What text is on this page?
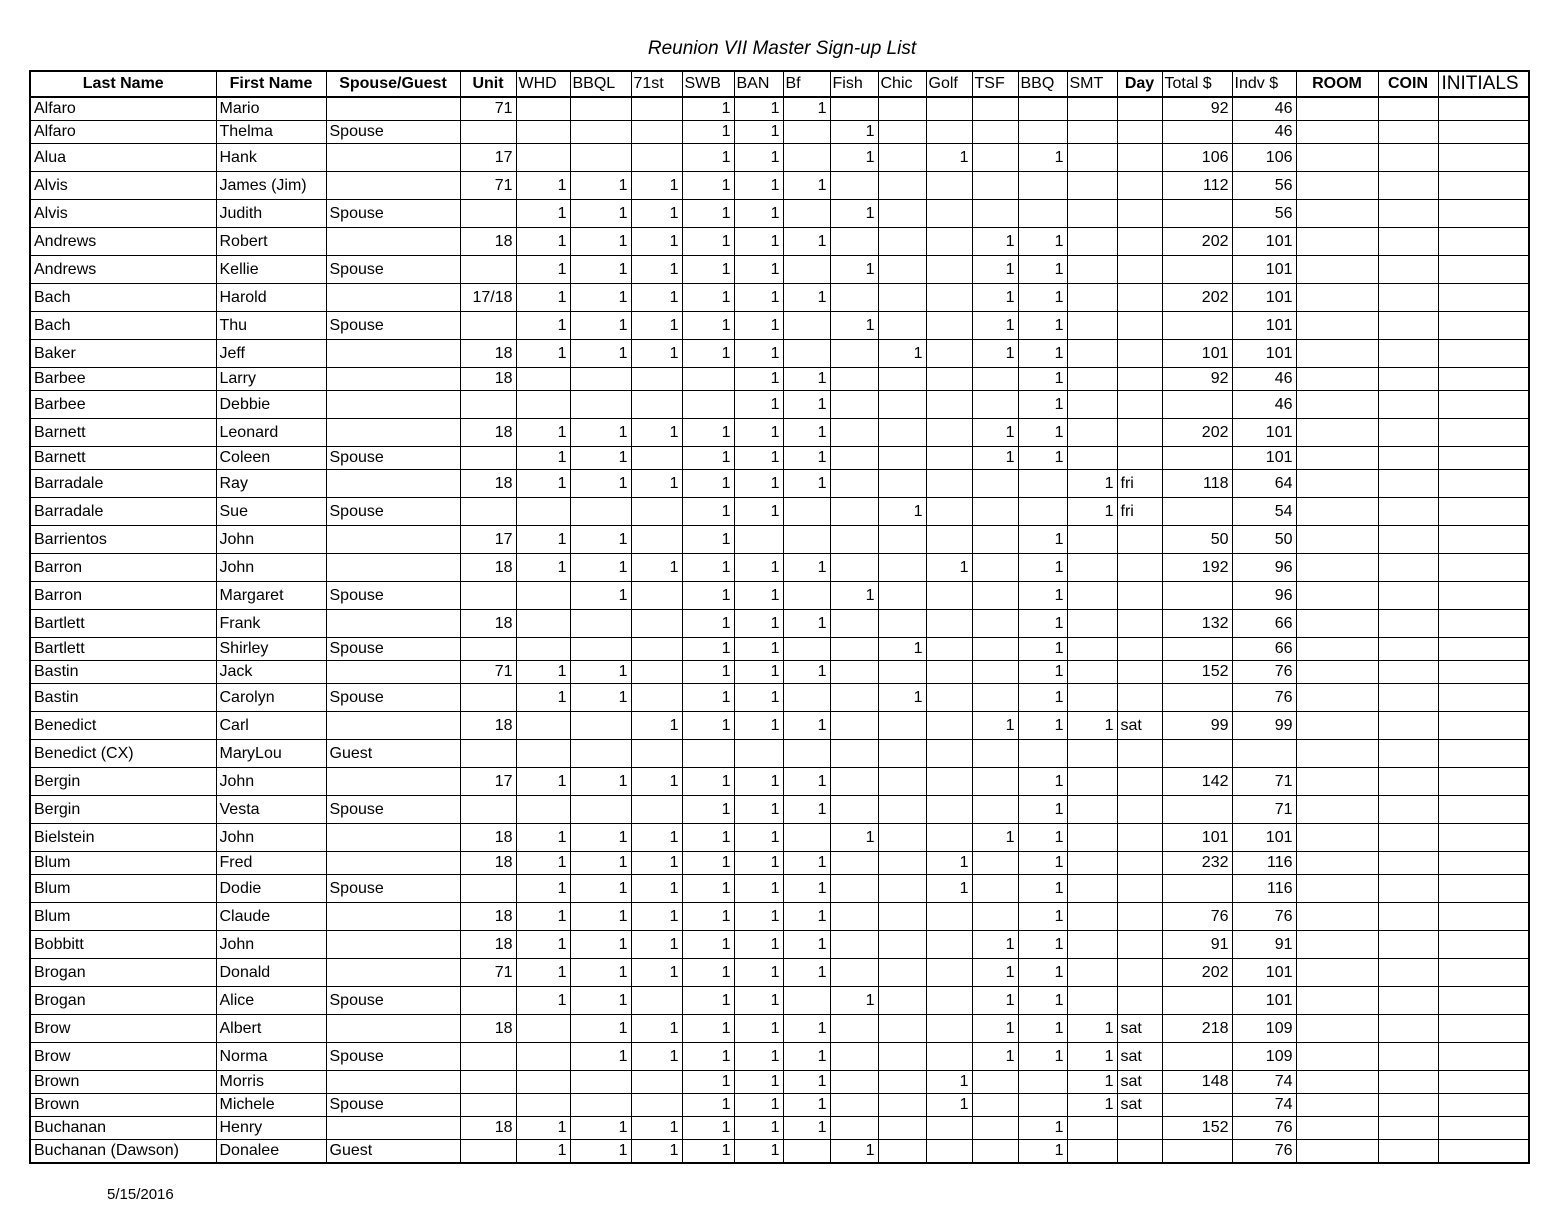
Reunion VII Master Sign-up List
Last Name	First Name	Spouse/Guest	Unit	WHD	BBQL	71st	SWB	BAN	Bf	Fish	Chic	Golf	TSF	BBQ	SMT	Day	Total $	Indv $	ROOM	COIN	INITIALS
Alfaro	Mario		71				1	1	1								92	46			
Alfaro	Thelma	Spouse					1	1		1								46			
Alua	Hank		17				1	1		1		1		1			106	106			
Alvis	James (Jim)		71	1	1	1	1	1	1								112	56			
Alvis	Judith	Spouse		1	1	1	1	1		1								56			
Andrews	Robert		18	1	1	1	1	1	1				1	1			202	101			
Andrews	Kellie	Spouse		1	1	1	1	1		1			1	1				101			
Bach	Harold		17/18	1	1	1	1	1	1				1	1			202	101			
Bach	Thu	Spouse		1	1	1	1	1		1			1	1				101			
Baker	Jeff		18	1	1	1	1	1			1		1	1			101	101			
Barbee	Larry		18					1	1					1			92	46			
Barbee	Debbie							1	1					1				46			
Barnett	Leonard		18	1	1	1	1	1	1				1	1			202	101			
Barnett	Coleen	Spouse		1	1		1	1	1				1	1				101			
Barradale	Ray		18	1	1	1	1	1	1						1	fri	118	64			
Barradale	Sue	Spouse					1	1			1				1	fri		54			
Barrientos	John		17	1	1		1							1			50	50			
Barron	John		18	1	1	1	1	1	1			1		1			192	96			
Barron	Margaret	Spouse			1		1	1		1				1				96			
Bartlett	Frank		18				1	1	1					1			132	66			
Bartlett	Shirley	Spouse					1	1			1			1				66			
Bastin	Jack		71	1	1		1	1	1					1			152	76			
Bastin	Carolyn	Spouse		1	1		1	1			1			1				76			
Benedict	Carl		18			1	1	1	1				1	1	1	sat	99	99			
Benedict (CX)	MaryLou	Guest																			
Bergin	John		17	1	1	1	1	1	1					1			142	71			
Bergin	Vesta	Spouse					1	1	1					1				71			
Bielstein	John		18	1	1	1	1	1		1			1	1			101	101			
Blum	Fred		18	1	1	1	1	1	1			1		1			232	116			
Blum	Dodie	Spouse		1	1	1	1	1	1			1		1				116			
Blum	Claude		18	1	1	1	1	1	1					1			76	76			
Bobbitt	John		18	1	1	1	1	1	1				1	1			91	91			
Brogan	Donald		71	1	1	1	1	1	1				1	1			202	101			
Brogan	Alice	Spouse		1	1		1	1		1			1	1				101			
Brow	Albert		18		1	1	1	1	1				1	1	1	sat	218	109			
Brow	Norma	Spouse			1	1	1	1	1				1	1	1	sat		109			
Brown	Morris						1	1	1			1			1	sat	148	74			
Brown	Michele	Spouse					1	1	1			1			1	sat		74			
Buchanan	Henry		18	1	1	1	1	1	1					1			152	76			
Buchanan (Dawson)	Donalee	Guest		1	1	1	1	1		1				1				76			
5/15/2016
